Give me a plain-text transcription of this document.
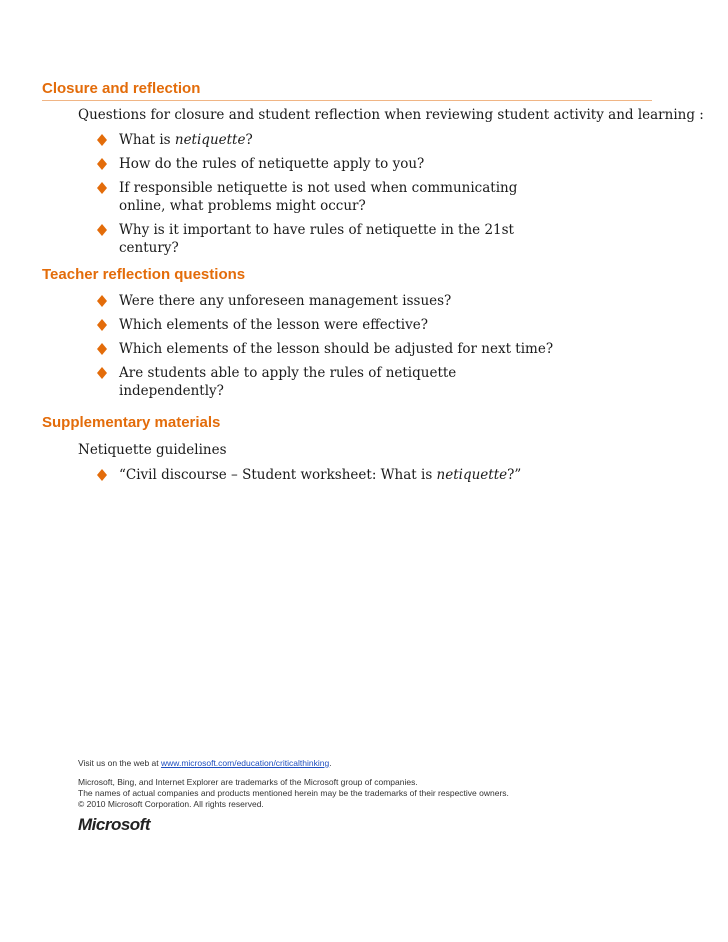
Closure and reflection
Questions for closure and student reflection when reviewing student activity and learning :
What is netiquette?
How do the rules of netiquette apply to you?
If responsible netiquette is not used when communicating online, what problems might occur?
Why is it important to have rules of netiquette in the 21st century?
Teacher reflection questions
Were there any unforeseen management issues?
Which elements of the lesson were effective?
Which elements of the lesson should be adjusted for next time?
Are students able to apply the rules of netiquette independently?
Supplementary materials
Netiquette guidelines
“Civil discourse – Student worksheet: What is netiquette?”
Visit us on the web at www.microsoft.com/education/criticalthinking.
Microsoft, Bing, and Internet Explorer are trademarks of the Microsoft group of companies.
The names of actual companies and products mentioned herein may be the trademarks of their respective owners.
© 2010 Microsoft Corporation. All rights reserved.
Microsoft
